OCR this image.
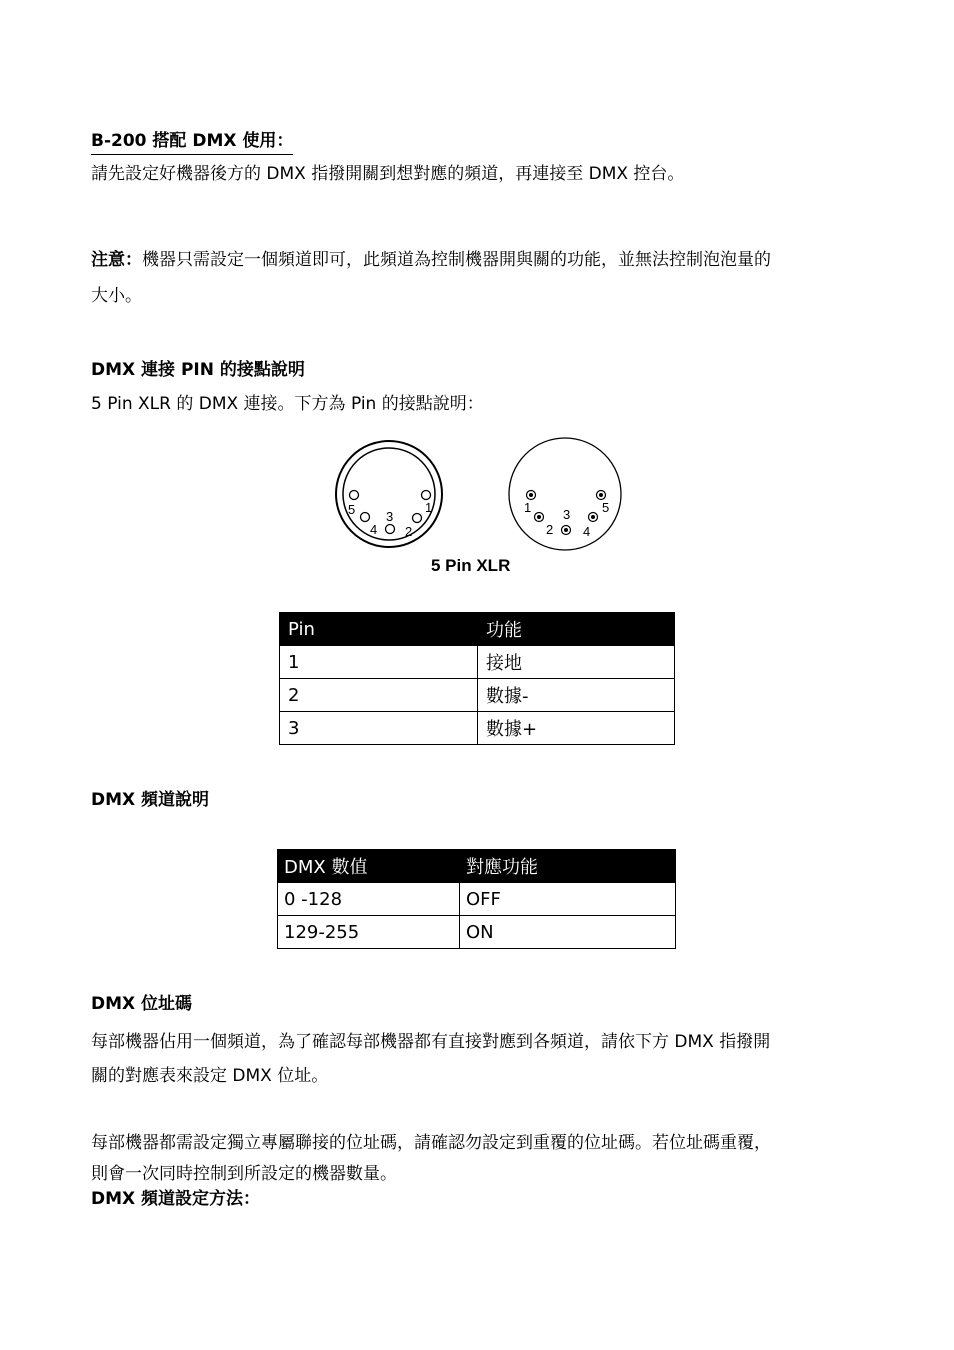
B-200 搭配 DMX 使用：
請先設定好機器後方的 DMX 指撥開關到想對應的頻道，再連接至 DMX 控台。
注意：機器只需設定一個頻道即可，此頻道為控制機器開與關的功能，並無法控制泡泡量的
大小。
DMX 連接 PIN 的接點說明
5 Pin XLR 的 DMX 連接。下方為 Pin 的接點說明：
5 3
1
4 2
1 3 5
2 4
5 Pin XLR
Pin	功能
1	接地
2	數據-
3	數據+
DMX 頻道說明
DMX 數值	對應功能
0 -128	OFF
129-255	ON
DMX 位址碼
每部機器佔用一個頻道，為了確認每部機器都有直接對應到各頻道，請依下方 DMX 指撥開
關的對應表來設定 DMX 位址。
每部機器都需設定獨立專屬聯接的位址碼，請確認勿設定到重覆的位址碼。若位址碼重覆，
則會一次同時控制到所設定的機器數量。
DMX 頻道設定方法：
